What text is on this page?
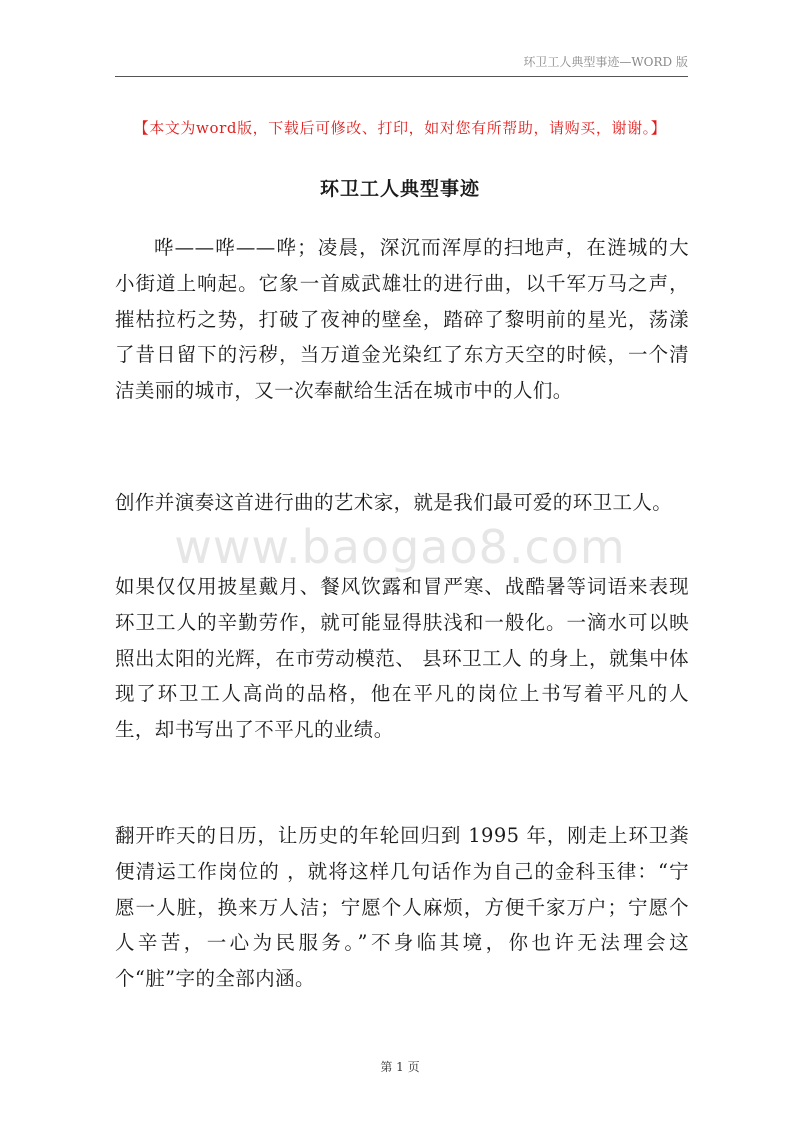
环卫工人典型事迹—WORD 版
【本文为word版，下载后可修改、打印，如对您有所帮助，请购买，谢谢。】
环卫工人典型事迹

哗——哗——哗；凌晨，深沉而浑厚的扫地声，在涟城的大小街道上响起。它象一首威武雄壮的进行曲，以千军万马之声，摧枯拉朽之势，打破了夜神的壁垒，踏碎了黎明前的星光，荡漾了昔日留下的污秽，当万道金光染红了东方天空的时候，一个清洁美丽的城市，又一次奉献给生活在城市中的人们。

创作并演奏这首进行曲的艺术家，就是我们最可爱的环卫工人。

www.baogao8.com

如果仅仅用披星戴月、餐风饮露和冒严寒、战酷暑等词语来表现环卫工人的辛勤劳作，就可能显得肤浅和一般化。一滴水可以映照出太阳的光辉，在市劳动模范、 县环卫工人 的身上，就集中体现了环卫工人高尚的品格，他在平凡的岗位上书写着平凡的人生，却书写出了不平凡的业绩。

翻开昨天的日历，让历史的年轮回归到 1995 年，刚走上环卫粪便清运工作岗位的 ，就将这样几句话作为自己的金科玉律：“宁愿一人脏，换来万人洁；宁愿个人麻烦，方便千家万户；宁愿个人辛苦，一心为民服务。”不身临其境，你也许无法理会这个“脏”字的全部内涵。

第 1 页
